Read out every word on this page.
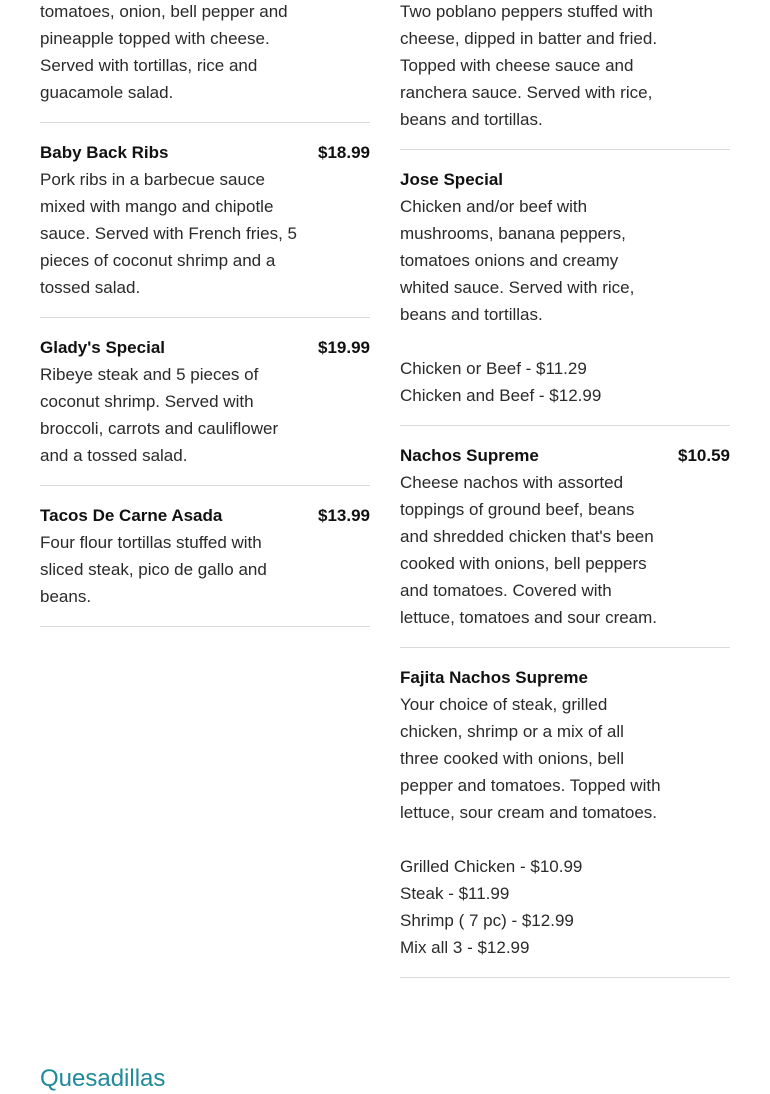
tomatoes, onion, bell pepper and pineapple topped with cheese. Served with tortillas, rice and guacamole salad.
Baby Back Ribs	$18.99
Pork ribs in a barbecue sauce mixed with mango and chipotle sauce. Served with French fries, 5 pieces of coconut shrimp and a tossed salad.
Glady's Special	$19.99
Ribeye steak and 5 pieces of coconut shrimp. Served with broccoli, carrots and cauliflower and a tossed salad.
Tacos De Carne Asada	$13.99
Four flour tortillas stuffed with sliced steak, pico de gallo and beans.
Two poblano peppers stuffed with cheese, dipped in batter and fried. Topped with cheese sauce and ranchera sauce. Served with rice, beans and tortillas.
Jose Special
Chicken and/or beef with mushrooms, banana peppers, tomatoes onions and creamy whited sauce. Served with rice, beans and tortillas.
Chicken or Beef - $11.29
Chicken and Beef - $12.99
Nachos Supreme	$10.59
Cheese nachos with assorted toppings of ground beef, beans and shredded chicken that's been cooked with onions, bell peppers and tomatoes. Covered with lettuce, tomatoes and sour cream.
Fajita Nachos Supreme
Your choice of steak, grilled chicken, shrimp or a mix of all three cooked with onions, bell pepper and tomatoes. Topped with lettuce, sour cream and tomatoes.
Grilled Chicken - $10.99
Steak - $11.99
Shrimp ( 7 pc) - $12.99
Mix all 3 - $12.99
Quesadillas
